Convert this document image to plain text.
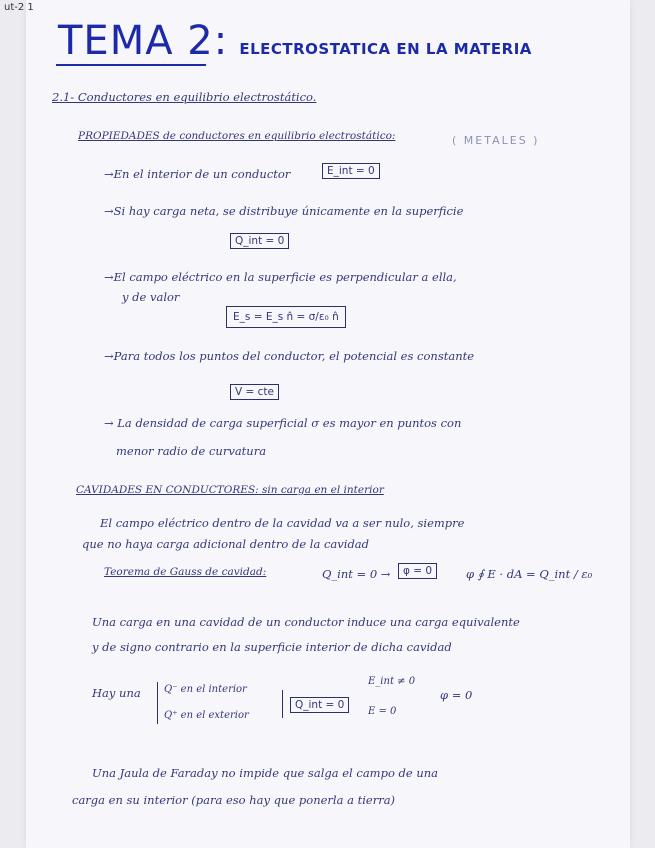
ut-2 1
TEMA 2: ELECTROSTATICA EN LA MATERIA
2.1- Conductores en equilibrio electrostático.
PROPIEDADES de conductores en equilibrio electrostático:	( METALES )
→En el interior de un conductor	E_int = 0
→Si hay carga neta, se distribuye únicamente en la superficie
Q_int = 0
→El campo eléctrico en la superficie es perpendicular a ella,
y de valor
E_s = E_s n̂ = σ/ε₀ n̂
→Para todos los puntos del conductor, el potencial es constante
V = cte
→ La densidad de carga superficial σ es mayor en puntos con
menor radio de curvatura
CAVIDADES EN CONDUCTORES: sin carga en el interior
El campo eléctrico dentro de la cavidad va a ser nulo, siempre
que no haya carga adicional dentro de la cavidad
Teorema de Gauss de cavidad:	Q_int = 0 →	φ = 0	φ ∮ E · dA = Q_int / ε₀
Una carga en una cavidad de un conductor induce una carga equivalente
y de signo contrario en la superficie interior de dicha cavidad
Hay una Q⁻ en el interior
Q⁺ en el exterior
Q_int = 0
E_int ≠ 0
E = 0
φ = 0
Una Jaula de Faraday no impide que salga el campo de una
carga en su interior (para eso hay que ponerla a tierra)
